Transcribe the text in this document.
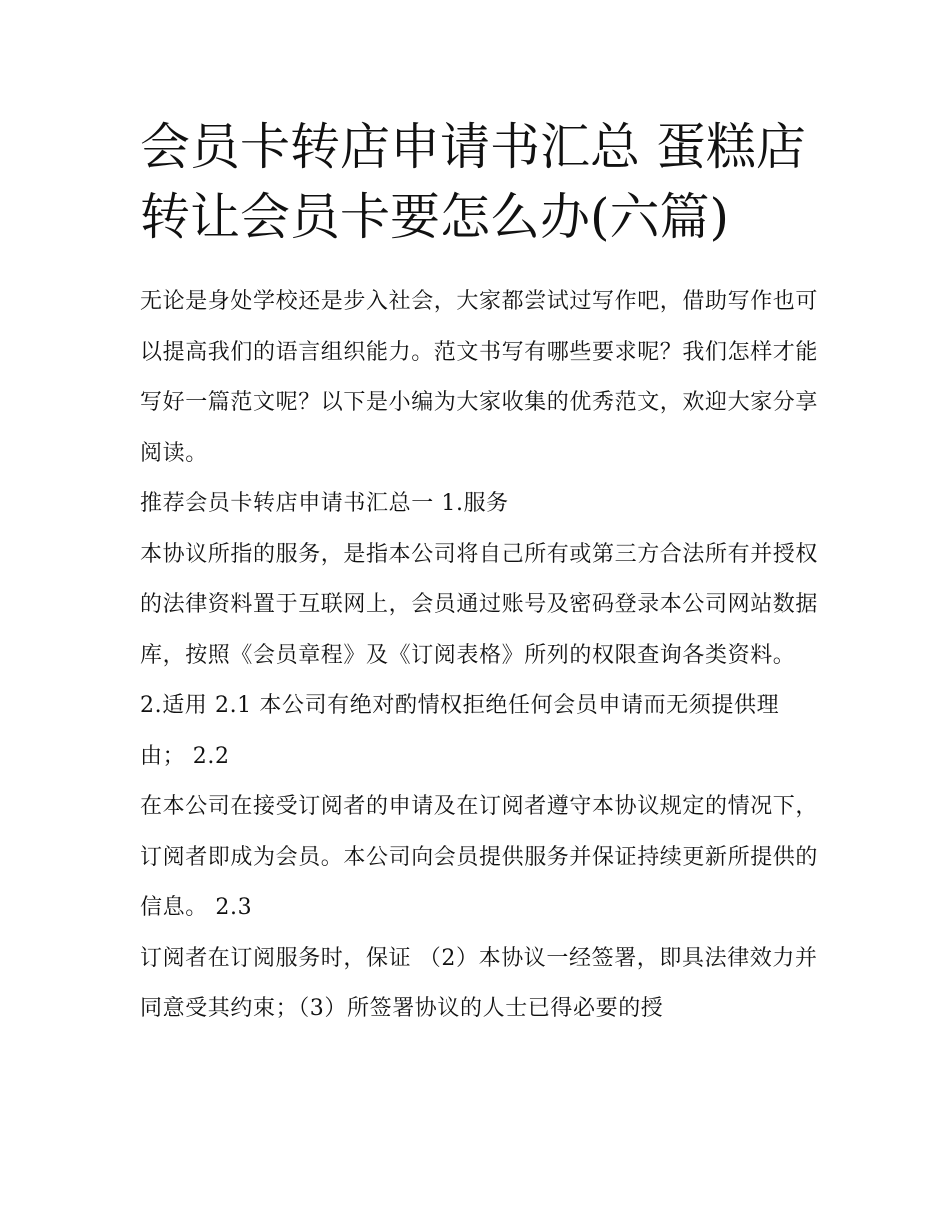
会员卡转店申请书汇总 蛋糕店转让会员卡要怎么办(六篇)

无论是身处学校还是步入社会，大家都尝试过写作吧，借助写作也可以提高我们的语言组织能力。范文书写有哪些要求呢？我们怎样才能写好一篇范文呢？以下是小编为大家收集的优秀范文，欢迎大家分享阅读。

推荐会员卡转店申请书汇总一 1.服务

本协议所指的服务，是指本公司将自己所有或第三方合法所有并授权的法律资料置于互联网上，会员通过账号及密码登录本公司网站数据库，按照《会员章程》及《订阅表格》所列的权限查询各类资料。

2.适用 2.1 本公司有绝对酌情权拒绝任何会员申请而无须提供理由； 2.2

在本公司在接受订阅者的申请及在订阅者遵守本协议规定的情况下，订阅者即成为会员。本公司向会员提供服务并保证持续更新所提供的信息。 2.3

订阅者在订阅服务时，保证 （2）本协议一经签署，即具法律效力并同意受其约束；（3）所签署协议的人士已得必要的授
